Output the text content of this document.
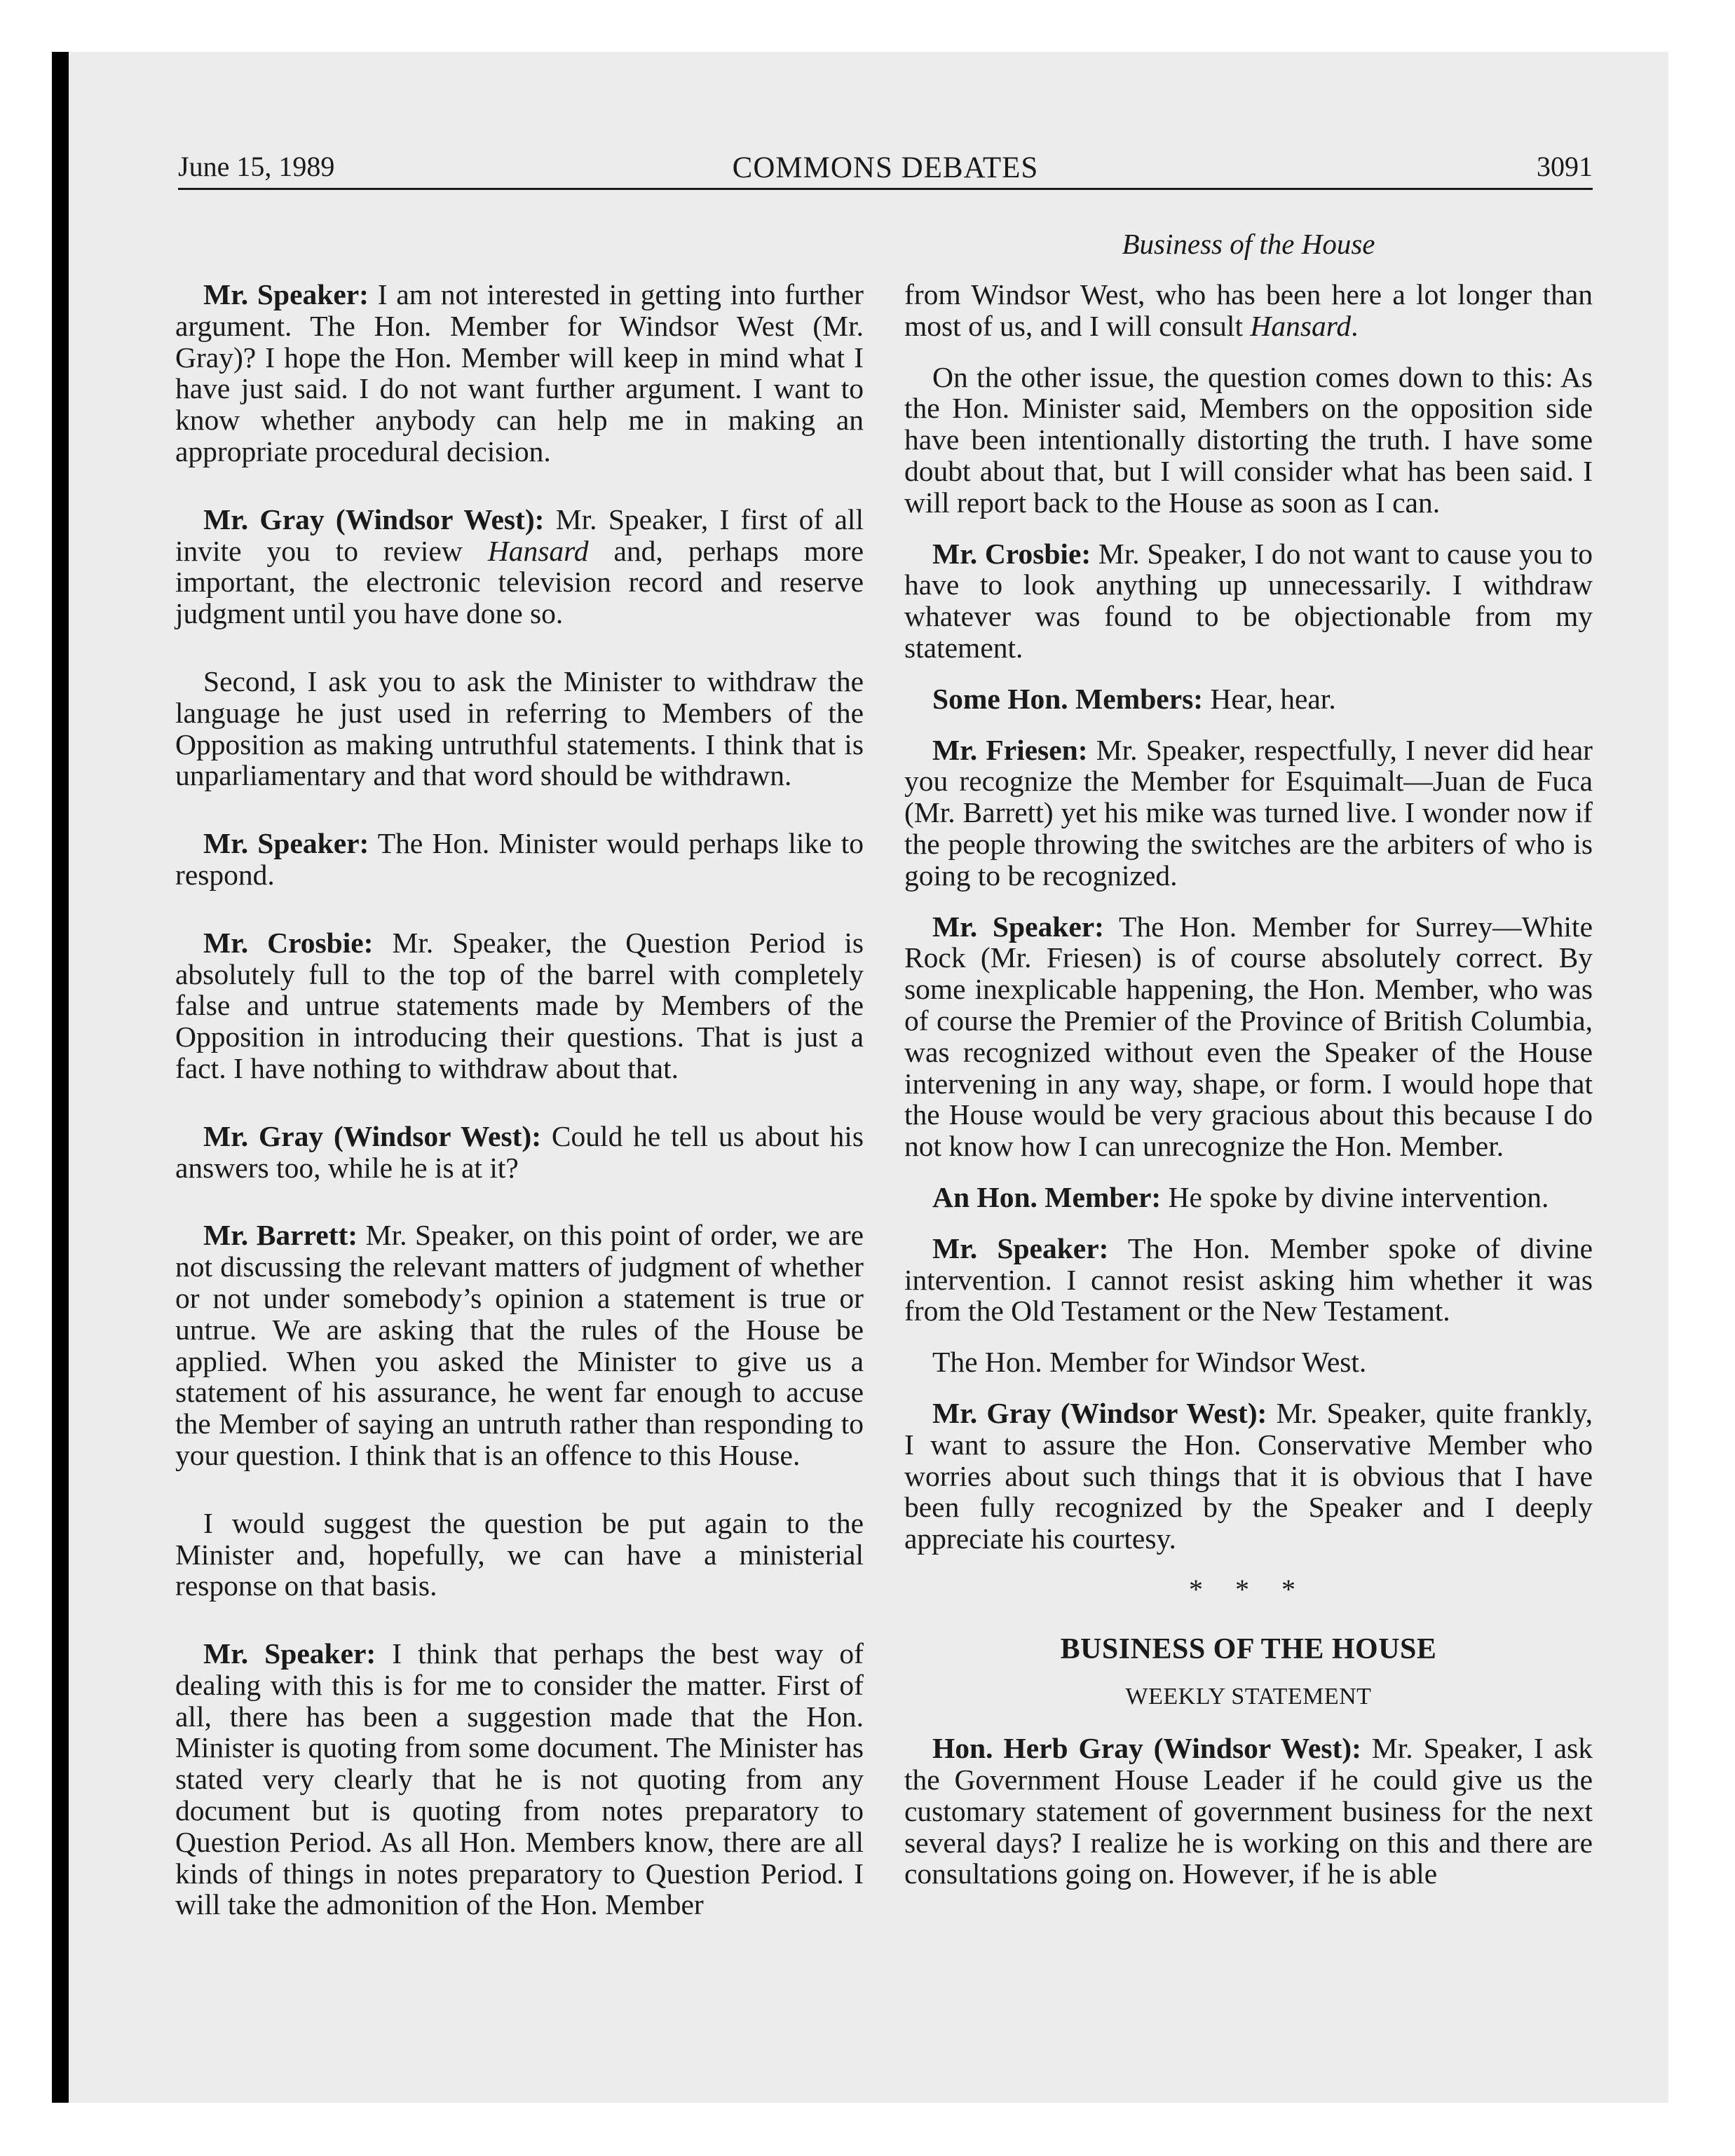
June 15, 1989	COMMONS DEBATES	3091
Business of the House

Mr. Speaker: I am not interested in getting into further argument. The Hon. Member for Windsor West (Mr. Gray)? I hope the Hon. Member will keep in mind what I have just said. I do not want further argument. I want to know whether anybody can help me in making an appropriate procedural decision.

Mr. Gray (Windsor West): Mr. Speaker, I first of all invite you to review Hansard and, perhaps more important, the electronic television record and reserve judgment until you have done so.

Second, I ask you to ask the Minister to withdraw the language he just used in referring to Members of the Opposition as making untruthful statements. I think that is unparliamentary and that word should be withdrawn.

Mr. Speaker: The Hon. Minister would perhaps like to respond.

Mr. Crosbie: Mr. Speaker, the Question Period is absolutely full to the top of the barrel with completely false and untrue statements made by Members of the Opposition in introducing their questions. That is just a fact. I have nothing to withdraw about that.

Mr. Gray (Windsor West): Could he tell us about his answers too, while he is at it?

Mr. Barrett: Mr. Speaker, on this point of order, we are not discussing the relevant matters of judgment of whether or not under somebody’s opinion a statement is true or untrue. We are asking that the rules of the House be applied. When you asked the Minister to give us a statement of his assurance, he went far enough to accuse the Member of saying an untruth rather than responding to your question. I think that is an offence to this House.

I would suggest the question be put again to the Minister and, hopefully, we can have a ministerial response on that basis.

Mr. Speaker: I think that perhaps the best way of dealing with this is for me to consider the matter. First of all, there has been a suggestion made that the Hon. Minister is quoting from some document. The Minister has stated very clearly that he is not quoting from any document but is quoting from notes preparatory to Question Period. As all Hon. Members know, there are all kinds of things in notes preparatory to Question Period. I will take the admonition of the Hon. Member

from Windsor West, who has been here a lot longer than most of us, and I will consult Hansard.

On the other issue, the question comes down to this: As the Hon. Minister said, Members on the opposition side have been intentionally distorting the truth. I have some doubt about that, but I will consider what has been said. I will report back to the House as soon as I can.

Mr. Crosbie: Mr. Speaker, I do not want to cause you to have to look anything up unnecessarily. I withdraw whatever was found to be objectionable from my statement.

Some Hon. Members: Hear, hear.

Mr. Friesen: Mr. Speaker, respectfully, I never did hear you recognize the Member for Esquimalt—Juan de Fuca (Mr. Barrett) yet his mike was turned live. I wonder now if the people throwing the switches are the arbiters of who is going to be recognized.

Mr. Speaker: The Hon. Member for Surrey—White Rock (Mr. Friesen) is of course absolutely correct. By some inexplicable happening, the Hon. Member, who was of course the Premier of the Province of British Columbia, was recognized without even the Speaker of the House intervening in any way, shape, or form. I would hope that the House would be very gracious about this because I do not know how I can unrecognize the Hon. Member.

An Hon. Member: He spoke by divine intervention.

Mr. Speaker: The Hon. Member spoke of divine intervention. I cannot resist asking him whether it was from the Old Testament or the New Testament.

The Hon. Member for Windsor West.

Mr. Gray (Windsor West): Mr. Speaker, quite frankly, I want to assure the Hon. Conservative Member who worries about such things that it is obvious that I have been fully recognized by the Speaker and I deeply appreciate his courtesy.

* * *

BUSINESS OF THE HOUSE

WEEKLY STATEMENT

Hon. Herb Gray (Windsor West): Mr. Speaker, I ask the Government House Leader if he could give us the customary statement of government business for the next several days? I realize he is working on this and there are consultations going on. However, if he is able
